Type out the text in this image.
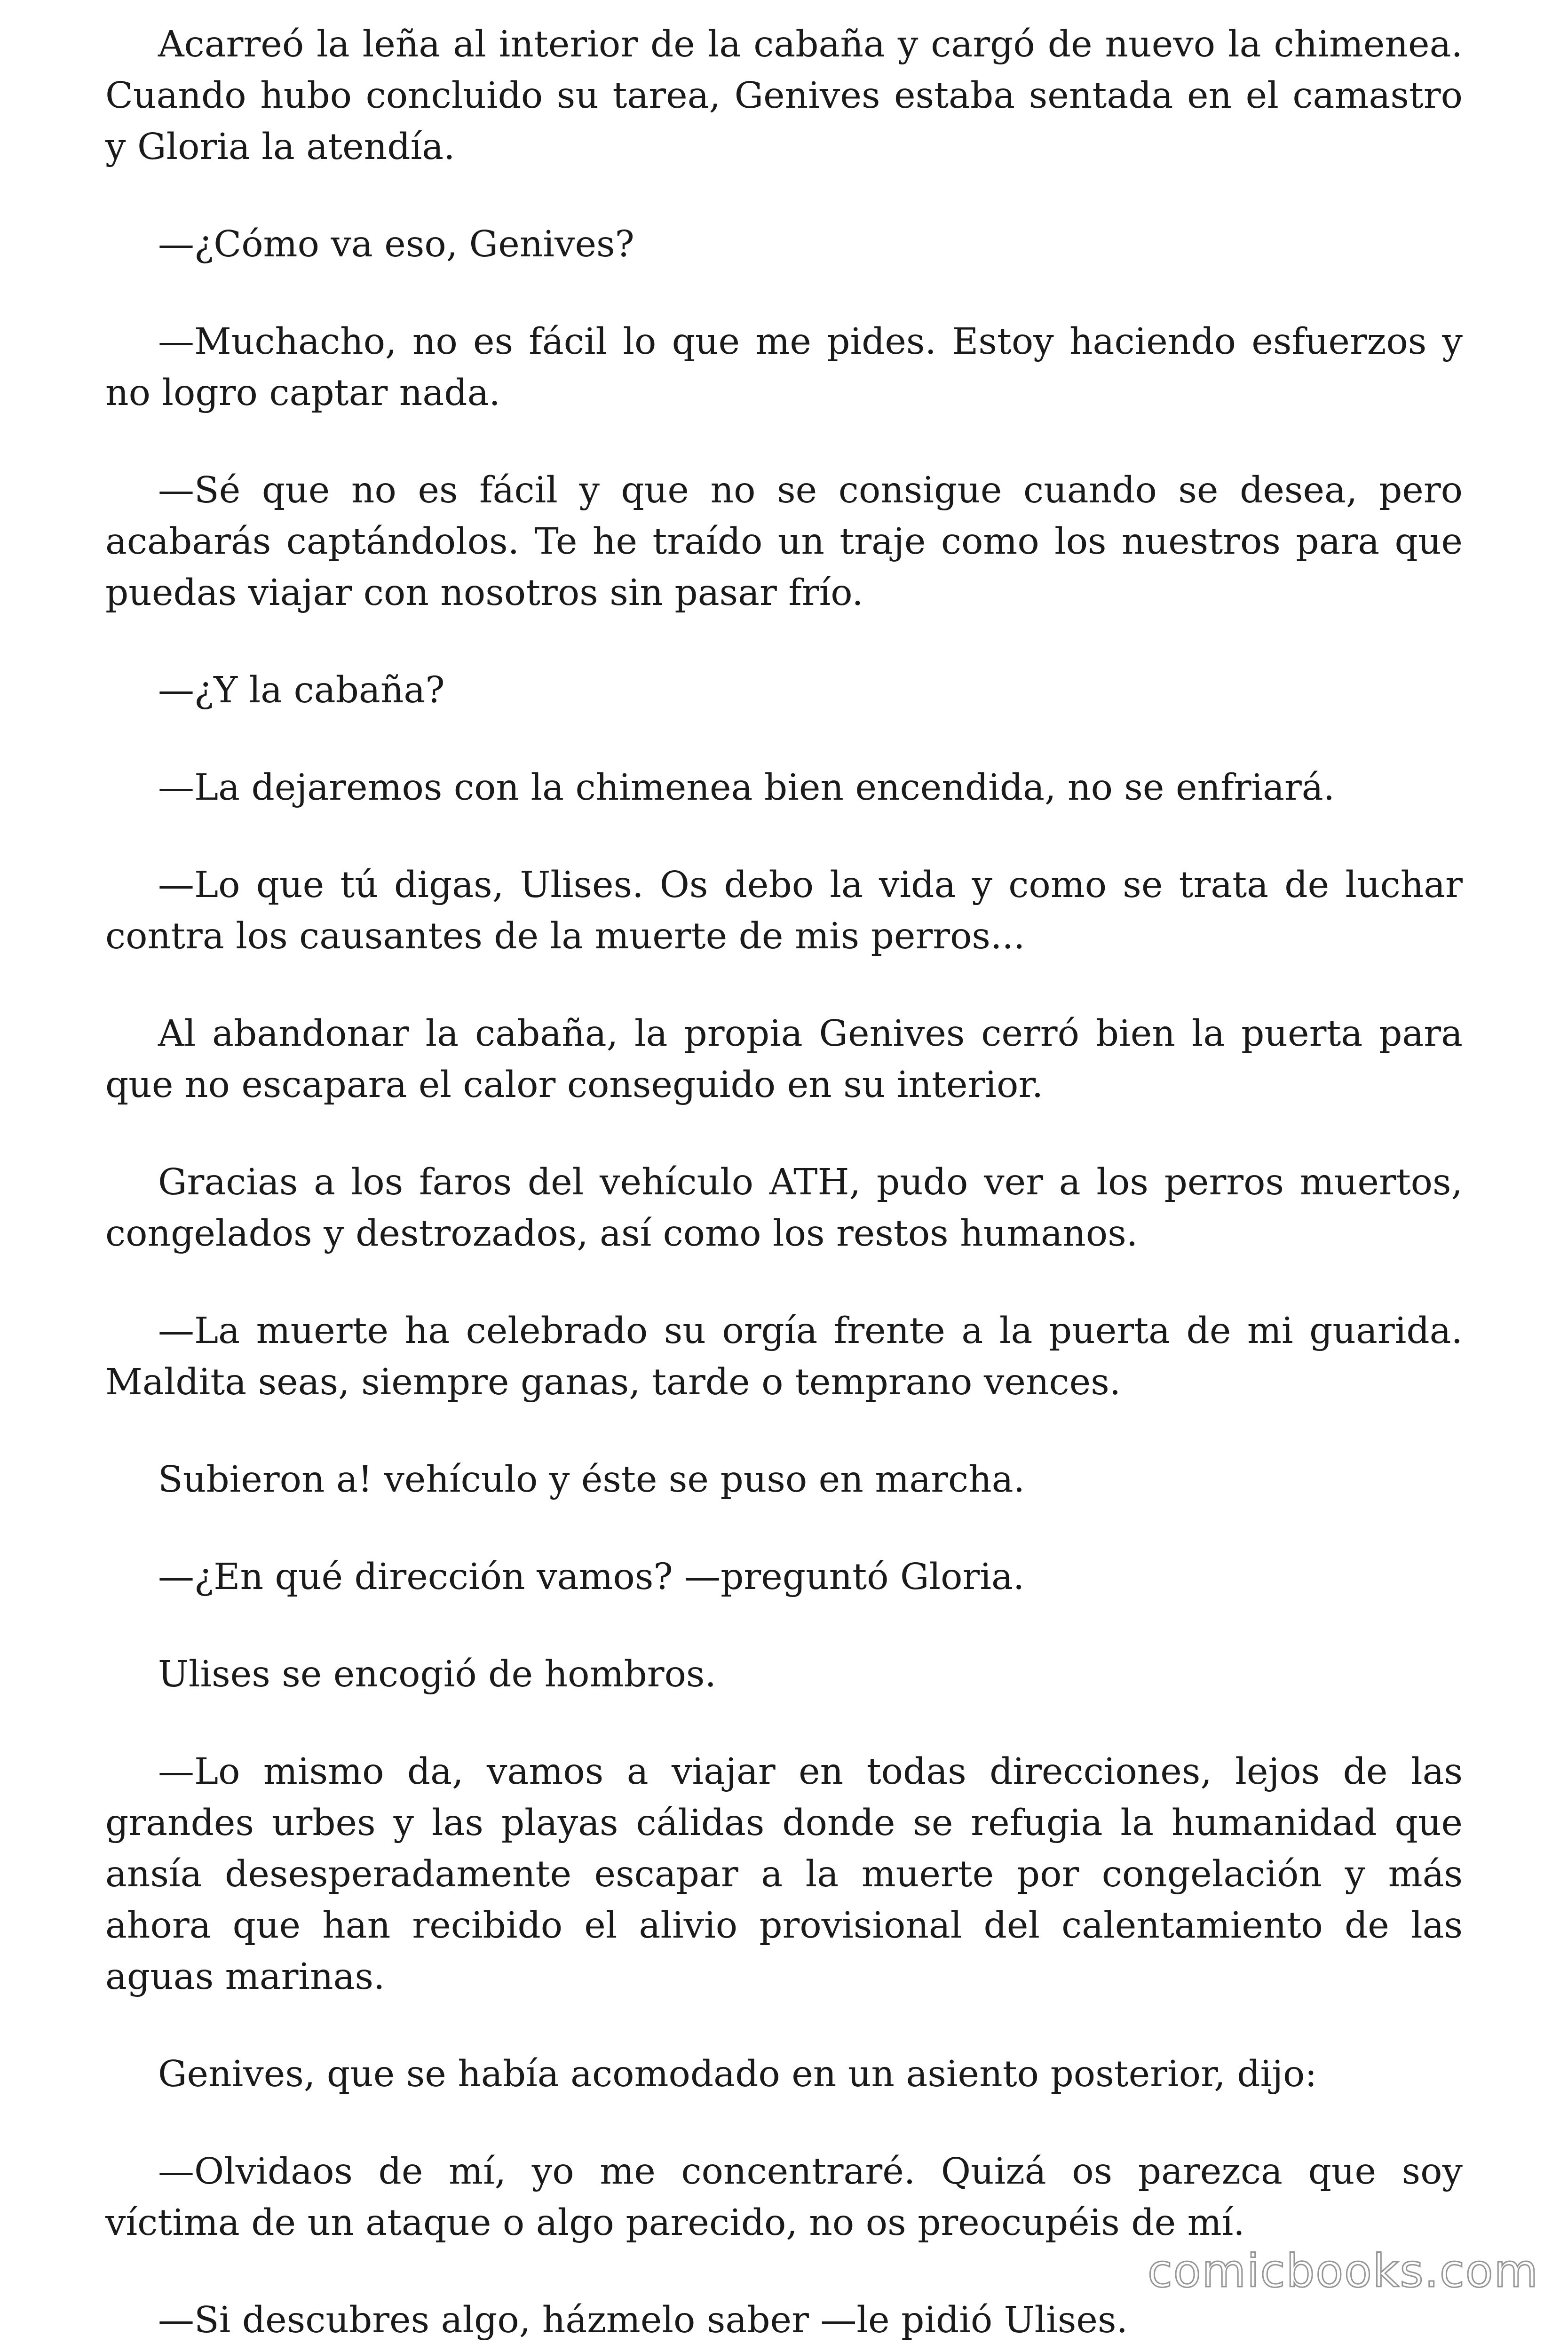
Acarreó la leña al interior de la cabaña y cargó de nuevo la chimenea. Cuando hubo concluido su tarea, Genives estaba sentada en el camastro y Gloria la atendía.

—¿Cómo va eso, Genives?

—Muchacho, no es fácil lo que me pides. Estoy haciendo esfuerzos y no logro captar nada.

—Sé que no es fácil y que no se consigue cuando se desea, pero acabarás captándolos. Te he traído un traje como los nuestros para que puedas viajar con nosotros sin pasar frío.

—¿Y la cabaña?

—La dejaremos con la chimenea bien encendida, no se enfriará.

—Lo que tú digas, Ulises. Os debo la vida y como se trata de luchar contra los causantes de la muerte de mis perros...

Al abandonar la cabaña, la propia Genives cerró bien la puerta para que no escapara el calor conseguido en su interior.

Gracias a los faros del vehículo ATH, pudo ver a los perros muertos, congelados y destrozados, así como los restos humanos.

—La muerte ha celebrado su orgía frente a la puerta de mi guarida. Maldita seas, siempre ganas, tarde o temprano vences.

Subieron a! vehículo y éste se puso en marcha.

—¿En qué dirección vamos? —preguntó Gloria.

Ulises se encogió de hombros.

—Lo mismo da, vamos a viajar en todas direcciones, lejos de las grandes urbes y las playas cálidas donde se refugia la humanidad que ansía desesperadamente escapar a la muerte por congelación y más ahora que han recibido el alivio provisional del calentamiento de las aguas marinas.

Genives, que se había acomodado en un asiento posterior, dijo:

—Olvidaos de mí, yo me concentraré. Quizá os parezca que soy víctima de un ataque o algo parecido, no os preocupéis de mí.

—Si descubres algo, házmelo saber —le pidió Ulises.

comicbooks.com
